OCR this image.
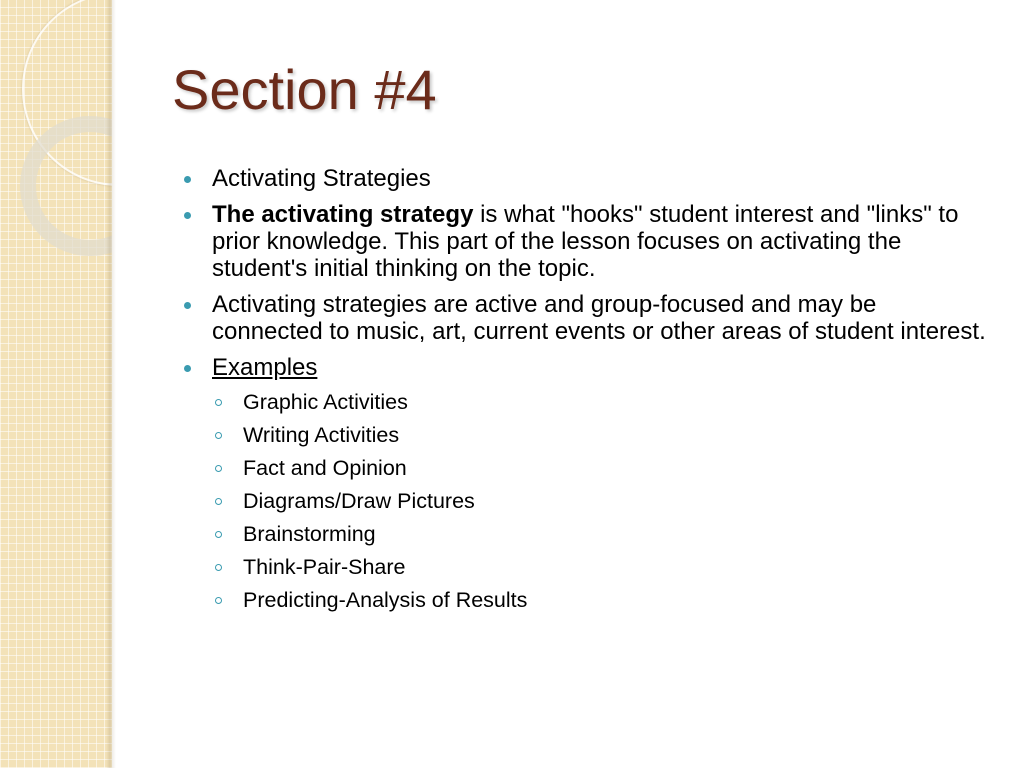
Section #4
Activating Strategies
The activating strategy is what "hooks" student interest and "links" to prior knowledge. This part of the lesson focuses on activating the student's initial thinking on the topic.
Activating strategies are active and group-focused and may be connected to music, art, current events or other areas of student interest.
Examples
Graphic Activities
Writing Activities
Fact and Opinion
Diagrams/Draw Pictures
Brainstorming
Think-Pair-Share
Predicting-Analysis of Results
